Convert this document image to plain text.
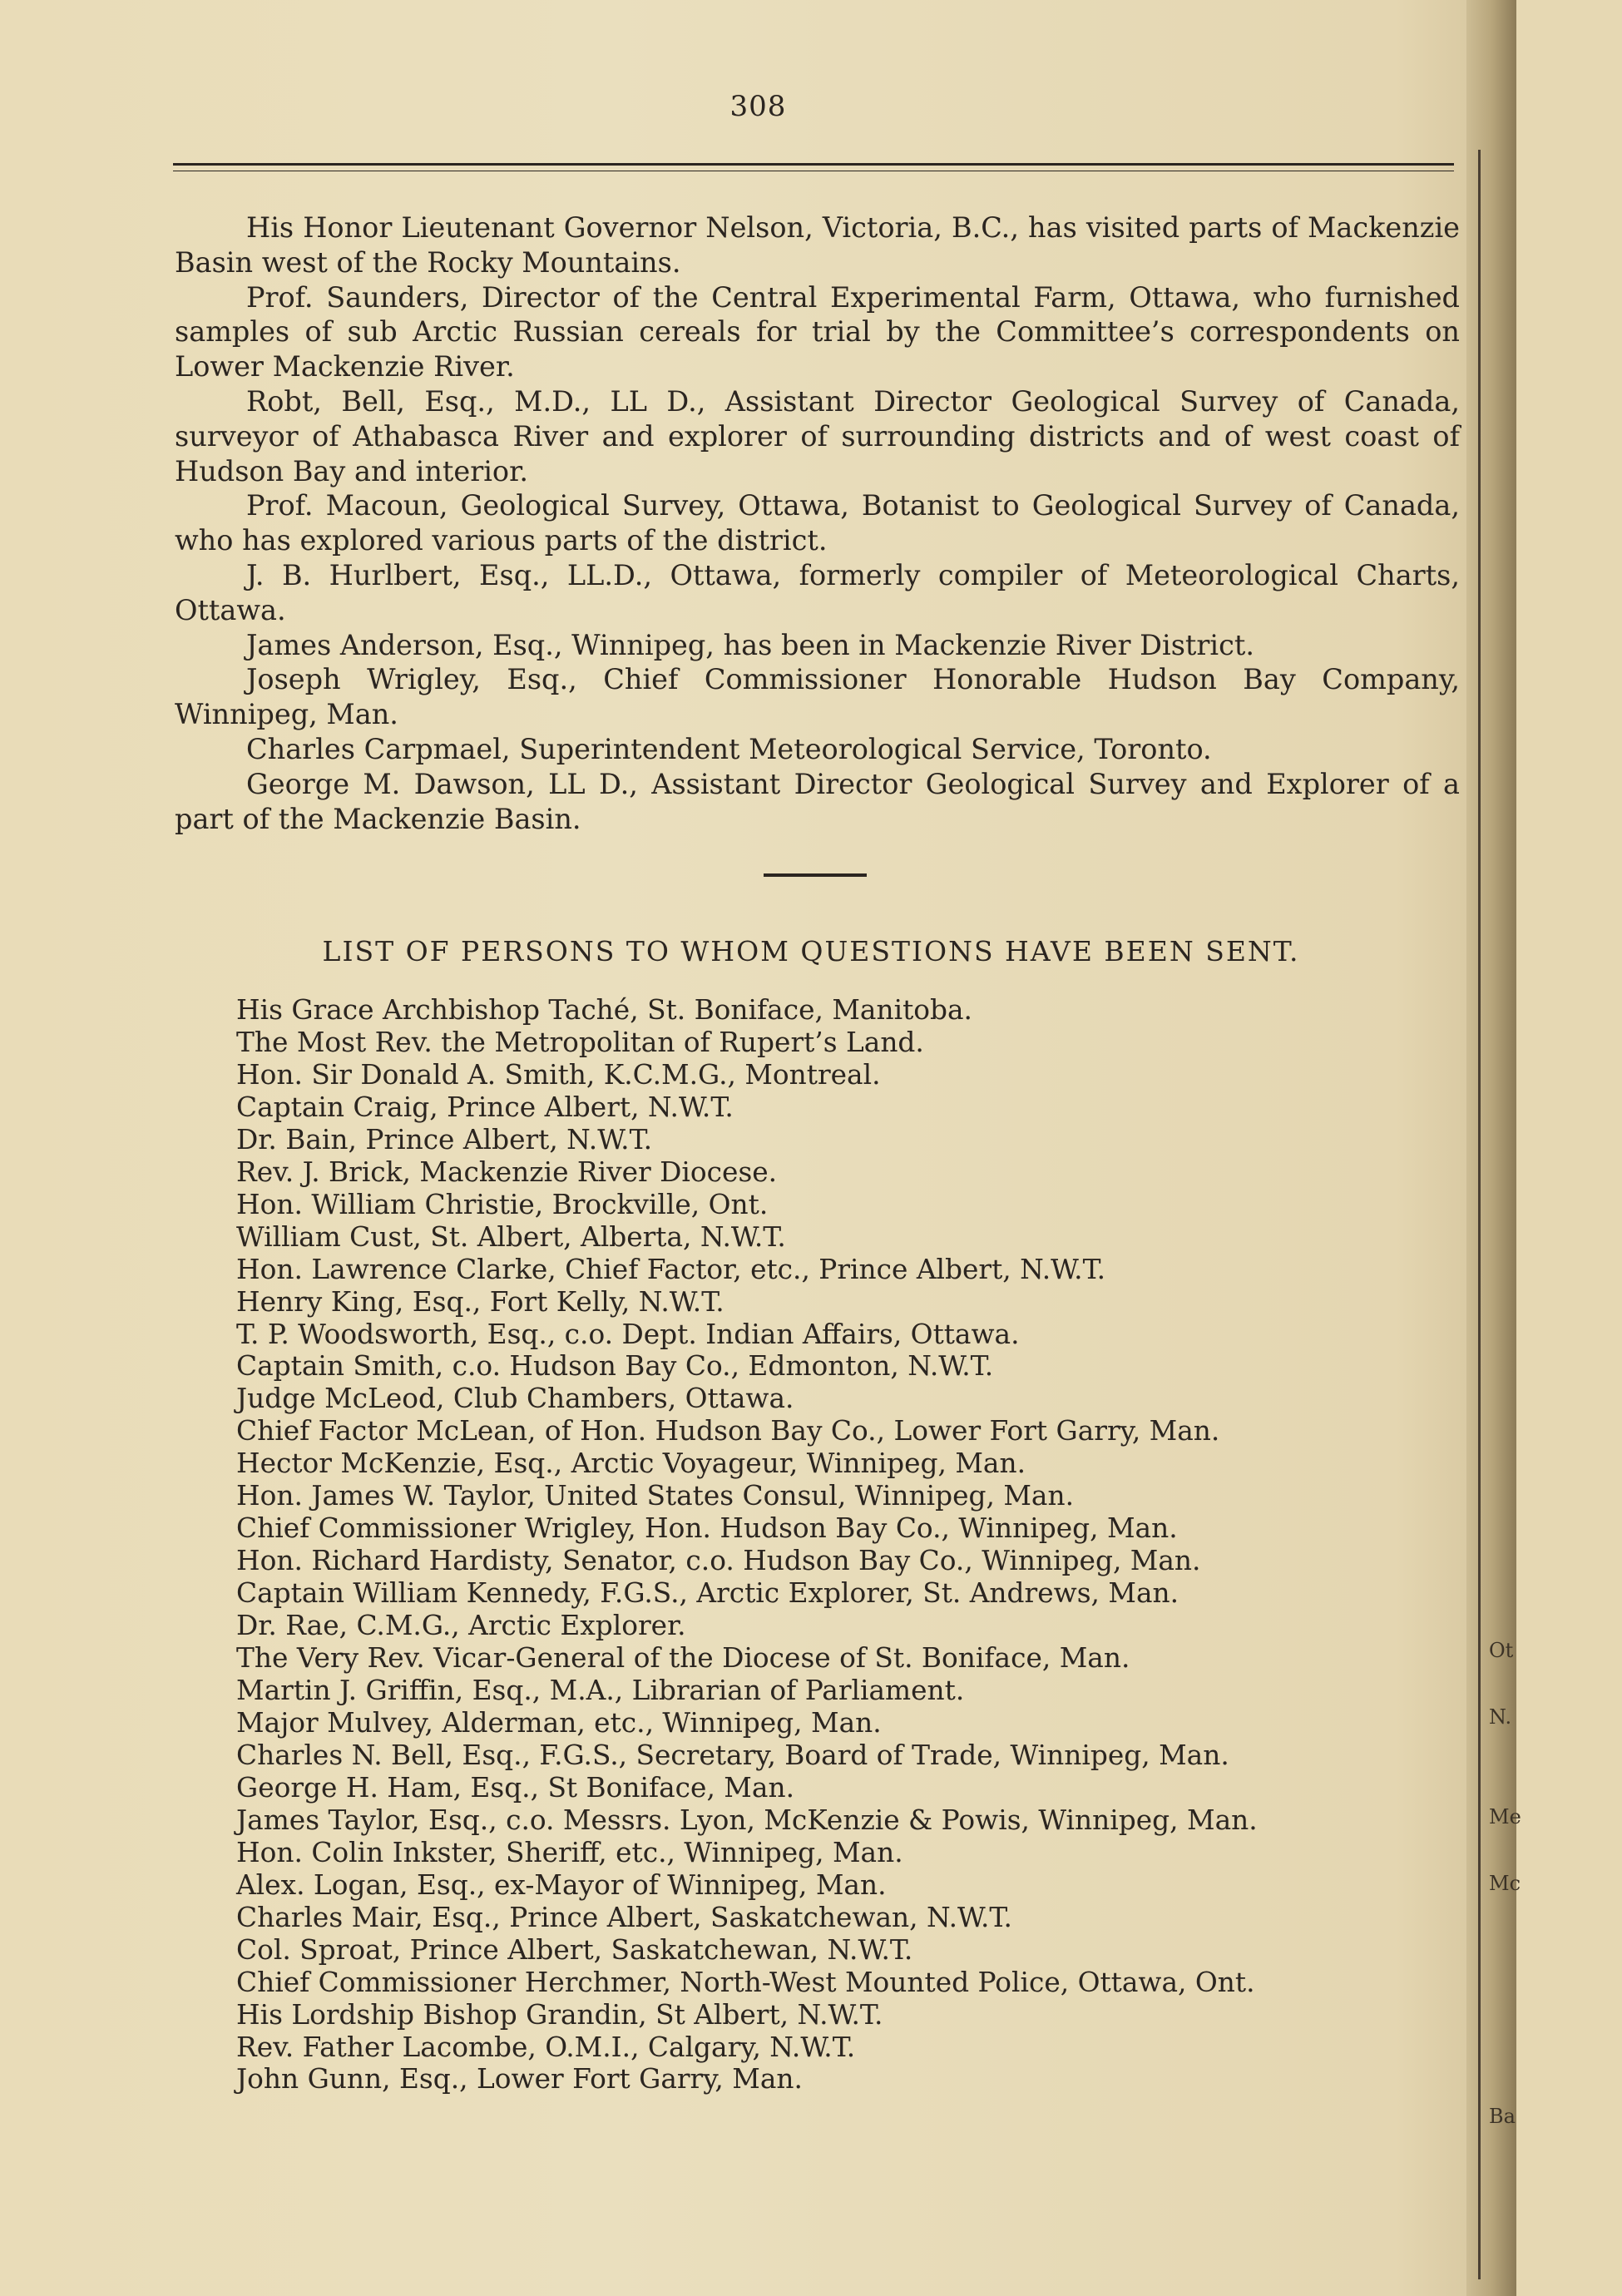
308

His Honor Lieutenant Governor Nelson, Victoria, B.C., has visited parts of Mackenzie Basin west of the Rocky Mountains.

Prof. Saunders, Director of the Central Experimental Farm, Ottawa, who furnished samples of sub Arctic Russian cereals for trial by the Committee’s correspondents on Lower Mackenzie River.

Robt, Bell, Esq., M.D., LL D., Assistant Director Geological Survey of Canada, surveyor of Athabasca River and explorer of surrounding districts and of west coast of Hudson Bay and interior.

Prof. Macoun, Geological Survey, Ottawa, Botanist to Geological Survey of Canada, who has explored various parts of the district.

J. B. Hurlbert, Esq., LL.D., Ottawa, formerly compiler of Meteorological Charts, Ottawa.

James Anderson, Esq., Winnipeg, has been in Mackenzie River District.

Joseph Wrigley, Esq., Chief Commissioner Honorable Hudson Bay Company, Winnipeg, Man.

Charles Carpmael, Superintendent Meteorological Service, Toronto.

George M. Dawson, LL D., Assistant Director Geological Survey and Explorer of a part of the Mackenzie Basin.

LIST OF PERSONS TO WHOM QUESTIONS HAVE BEEN SENT.
His Grace Archbishop Taché, St. Boniface, Manitoba.
The Most Rev. the Metropolitan of Rupert’s Land.
Hon. Sir Donald A. Smith, K.C.M.G., Montreal.
Captain Craig, Prince Albert, N.W.T.
Dr. Bain, Prince Albert, N.W.T.
Rev. J. Brick, Mackenzie River Diocese.
Hon. William Christie, Brockville, Ont.
William Cust, St. Albert, Alberta, N.W.T.
Hon. Lawrence Clarke, Chief Factor, etc., Prince Albert, N.W.T.
Henry King, Esq., Fort Kelly, N.W.T.
T. P. Woodsworth, Esq., c.o. Dept. Indian Affairs, Ottawa.
Captain Smith, c.o. Hudson Bay Co., Edmonton, N.W.T.
Judge McLeod, Club Chambers, Ottawa.
Chief Factor McLean, of Hon. Hudson Bay Co., Lower Fort Garry, Man.
Hector McKenzie, Esq., Arctic Voyageur, Winnipeg, Man.
Hon. James W. Taylor, United States Consul, Winnipeg, Man.
Chief Commissioner Wrigley, Hon. Hudson Bay Co., Winnipeg, Man.
Hon. Richard Hardisty, Senator, c.o. Hudson Bay Co., Winnipeg, Man.
Captain William Kennedy, F.G.S., Arctic Explorer, St. Andrews, Man.
Dr. Rae, C.M.G., Arctic Explorer.
The Very Rev. Vicar-General of the Diocese of St. Boniface, Man.
Martin J. Griffin, Esq., M.A., Librarian of Parliament.
Major Mulvey, Alderman, etc., Winnipeg, Man.
Charles N. Bell, Esq., F.G.S., Secretary, Board of Trade, Winnipeg, Man.
George H. Ham, Esq., St Boniface, Man.
James Taylor, Esq., c.o. Messrs. Lyon, McKenzie & Powis, Winnipeg, Man.
Hon. Colin Inkster, Sheriff, etc., Winnipeg, Man.
Alex. Logan, Esq., ex-Mayor of Winnipeg, Man.
Charles Mair, Esq., Prince Albert, Saskatchewan, N.W.T.
Col. Sproat, Prince Albert, Saskatchewan, N.W.T.
Chief Commissioner Herchmer, North-West Mounted Police, Ottawa, Ont.
His Lordship Bishop Grandin, St Albert, N.W.T.
Rev. Father Lacombe, O.M.I., Calgary, N.W.T.
John Gunn, Esq., Lower Fort Garry, Man.
Ot
N.
Me
Mc
Ba
